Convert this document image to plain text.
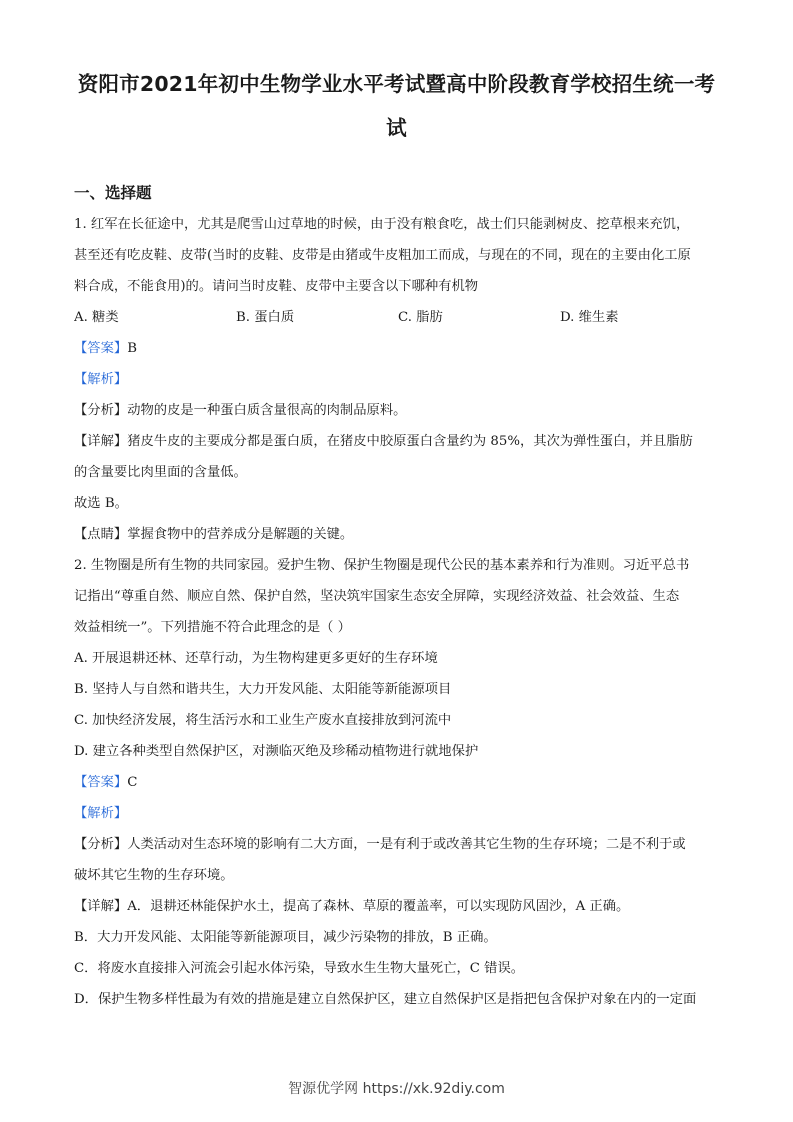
资阳市2021年初中生物学业水平考试暨高中阶段教育学校招生统一考
试
一、选择题
1. 红军在长征途中，尤其是爬雪山过草地的时候，由于没有粮食吃，战士们只能剥树皮、挖草根来充饥，
甚至还有吃皮鞋、皮带(当时的皮鞋、皮带是由猪或牛皮粗加工而成，与现在的不同，现在的主要由化工原
料合成，不能食用)的。请问当时皮鞋、皮带中主要含以下哪种有机物
A. 糖类	B. 蛋白质	C. 脂肪	D. 维生素
【答案】B
【解析】
【分析】动物的皮是一种蛋白质含量很高的肉制品原料。
【详解】猪皮牛皮的主要成分都是蛋白质，在猪皮中胶原蛋白含量约为 85%，其次为弹性蛋白，并且脂肪
的含量要比肉里面的含量低。
故选 B。
【点睛】掌握食物中的营养成分是解题的关键。
2. 生物圈是所有生物的共同家园。爱护生物、保护生物圈是现代公民的基本素养和行为准则。习近平总书
记指出“尊重自然、顺应自然、保护自然，坚决筑牢国家生态安全屏障，实现经济效益、社会效益、生态
效益相统一”。下列措施不符合此理念的是（ ）
A. 开展退耕还林、还草行动，为生物构建更多更好的生存环境
B. 坚持人与自然和谐共生，大力开发风能、太阳能等新能源项目
C. 加快经济发展，将生活污水和工业生产废水直接排放到河流中
D. 建立各种类型自然保护区，对濒临灭绝及珍稀动植物进行就地保护
【答案】C
【解析】
【分析】人类活动对生态环境的影响有二大方面，一是有利于或改善其它生物的生存环境；二是不利于或
破坏其它生物的生存环境。
【详解】A．退耕还林能保护水土，提高了森林、草原的覆盖率，可以实现防风固沙，A 正确。
B．大力开发风能、太阳能等新能源项目，减少污染物的排放，B 正确。
C．将废水直接排入河流会引起水体污染，导致水生生物大量死亡，C 错误。
D．保护生物多样性最为有效的措施是建立自然保护区，建立自然保护区是指把包含保护对象在内的一定面
智源优学网 https://xk.92diy.com
